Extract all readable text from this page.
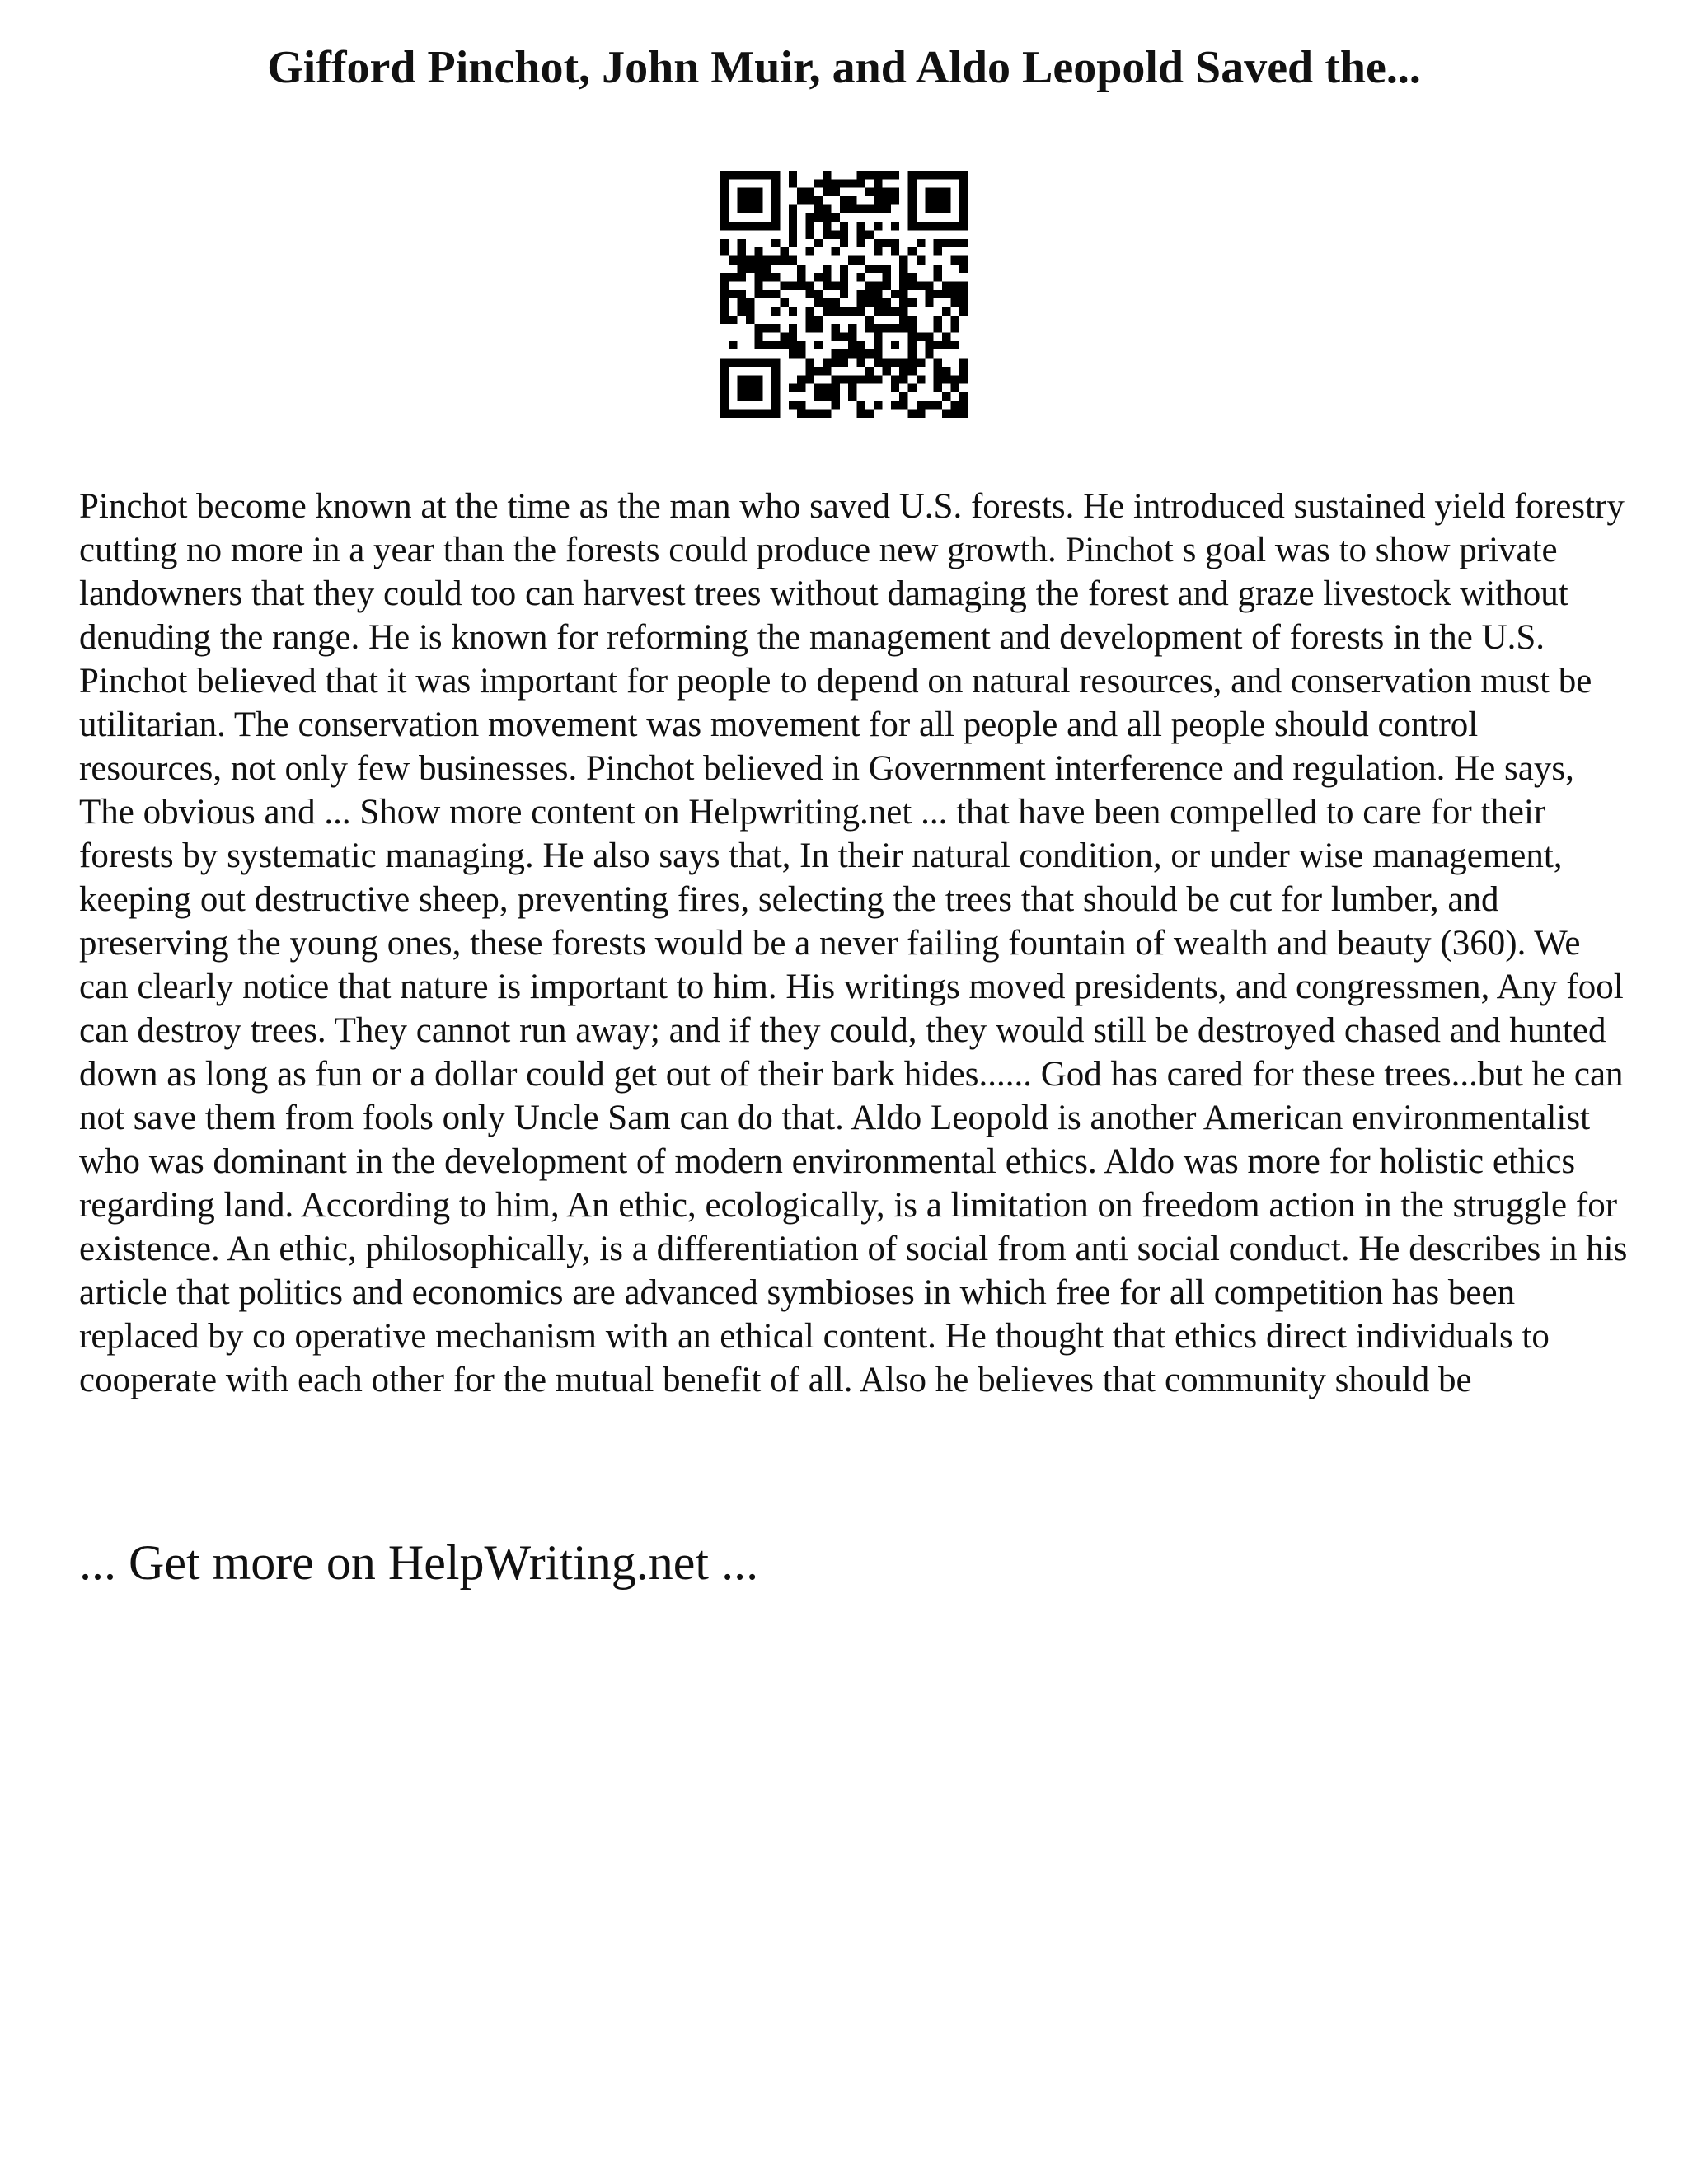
Gifford Pinchot, John Muir, and Aldo Leopold Saved the...

Pinchot become known at the time as the man who saved U.S. forests. He introduced sustained yield forestry cutting no more in a year than the forests could produce new growth. Pinchot s goal was to show private landowners that they could too can harvest trees without damaging the forest and graze livestock without denuding the range. He is known for reforming the management and development of forests in the U.S. Pinchot believed that it was important for people to depend on natural resources, and conservation must be utilitarian. The conservation movement was movement for all people and all people should control resources, not only few businesses. Pinchot believed in Government interference and regulation. He says, The obvious and ... Show more content on Helpwriting.net ... that have been compelled to care for their forests by systematic managing. He also says that, In their natural condition, or under wise management, keeping out destructive sheep, preventing fires, selecting the trees that should be cut for lumber, and preserving the young ones, these forests would be a never failing fountain of wealth and beauty (360). We can clearly notice that nature is important to him. His writings moved presidents, and congressmen, Any fool can destroy trees. They cannot run away; and if they could, they would still be destroyed chased and hunted down as long as fun or a dollar could get out of their bark hides...... God has cared for these trees...but he can not save them from fools only Uncle Sam can do that. Aldo Leopold is another American environmentalist who was dominant in the development of modern environmental ethics. Aldo was more for holistic ethics regarding land. According to him, An ethic, ecologically, is a limitation on freedom action in the struggle for existence. An ethic, philosophically, is a differentiation of social from anti social conduct. He describes in his article that politics and economics are advanced symbioses in which free for all competition has been replaced by co operative mechanism with an ethical content. He thought that ethics direct individuals to cooperate with each other for the mutual benefit of all. Also he believes that community should be

... Get more on HelpWriting.net ...
